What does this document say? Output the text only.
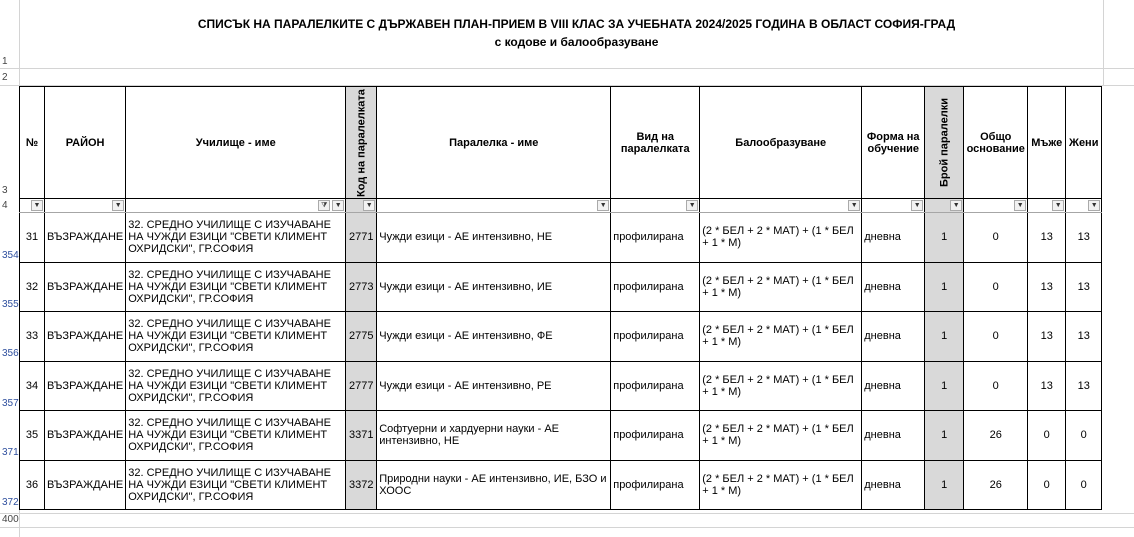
СПИСЪК НА ПАРАЛЕЛКИТЕ С ДЪРЖАВЕН ПЛАН-ПРИЕМ В VIII КЛАС ЗА УЧЕБНАТА 2024/2025 ГОДИНА В ОБЛАСТ СОФИЯ-ГРАД
с кодове и балообразуване
1
2
3
4
354
355
356
357
371
372
400
№	РАЙОН	Училище - име	Код на паралелката	Паралелка - име	Вид на паралелката	Балообразуване	Форма на обучение	Брой паралелки	Общо основание	Мъже	Жени

▼	▼	⧩ ▼	▼	▼	▼	▼	▼	▼	▼	▼	▼

31	ВЪЗРАЖДАНЕ	32. СРЕДНО УЧИЛИЩЕ С ИЗУЧАВАНЕ НА ЧУЖДИ ЕЗИЦИ "СВЕТИ КЛИМЕНТ ОХРИДСКИ", ГР.СОФИЯ	2771	Чужди езици - АЕ интензивно, НЕ	профилирана	(2 * БЕЛ + 2 * МАТ) + (1 * БЕЛ + 1 * М)	дневна	1	0	13	13
32	ВЪЗРАЖДАНЕ	32. СРЕДНО УЧИЛИЩЕ С ИЗУЧАВАНЕ НА ЧУЖДИ ЕЗИЦИ "СВЕТИ КЛИМЕНТ ОХРИДСКИ", ГР.СОФИЯ	2773	Чужди езици - АЕ интензивно, ИЕ	профилирана	(2 * БЕЛ + 2 * МАТ) + (1 * БЕЛ + 1 * М)	дневна	1	0	13	13
33	ВЪЗРАЖДАНЕ	32. СРЕДНО УЧИЛИЩЕ С ИЗУЧАВАНЕ НА ЧУЖДИ ЕЗИЦИ "СВЕТИ КЛИМЕНТ ОХРИДСКИ", ГР.СОФИЯ	2775	Чужди езици - АЕ интензивно, ФЕ	профилирана	(2 * БЕЛ + 2 * МАТ) + (1 * БЕЛ + 1 * М)	дневна	1	0	13	13
34	ВЪЗРАЖДАНЕ	32. СРЕДНО УЧИЛИЩЕ С ИЗУЧАВАНЕ НА ЧУЖДИ ЕЗИЦИ "СВЕТИ КЛИМЕНТ ОХРИДСКИ", ГР.СОФИЯ	2777	Чужди езици - АЕ интензивно, РЕ	профилирана	(2 * БЕЛ + 2 * МАТ) + (1 * БЕЛ + 1 * М)	дневна	1	0	13	13
35	ВЪЗРАЖДАНЕ	32. СРЕДНО УЧИЛИЩЕ С ИЗУЧАВАНЕ НА ЧУЖДИ ЕЗИЦИ "СВЕТИ КЛИМЕНТ ОХРИДСКИ", ГР.СОФИЯ	3371	Софтуерни и хардуерни науки - АЕ интензивно, НЕ	профилирана	(2 * БЕЛ + 2 * МАТ) + (1 * БЕЛ + 1 * М)	дневна	1	26	0	0
36	ВЪЗРАЖДАНЕ	32. СРЕДНО УЧИЛИЩЕ С ИЗУЧАВАНЕ НА ЧУЖДИ ЕЗИЦИ "СВЕТИ КЛИМЕНТ ОХРИДСКИ", ГР.СОФИЯ	3372	Природни науки - АЕ интензивно, ИЕ, БЗО и ХООС	профилирана	(2 * БЕЛ + 2 * МАТ) + (1 * БЕЛ + 1 * М)	дневна	1	26	0	0
